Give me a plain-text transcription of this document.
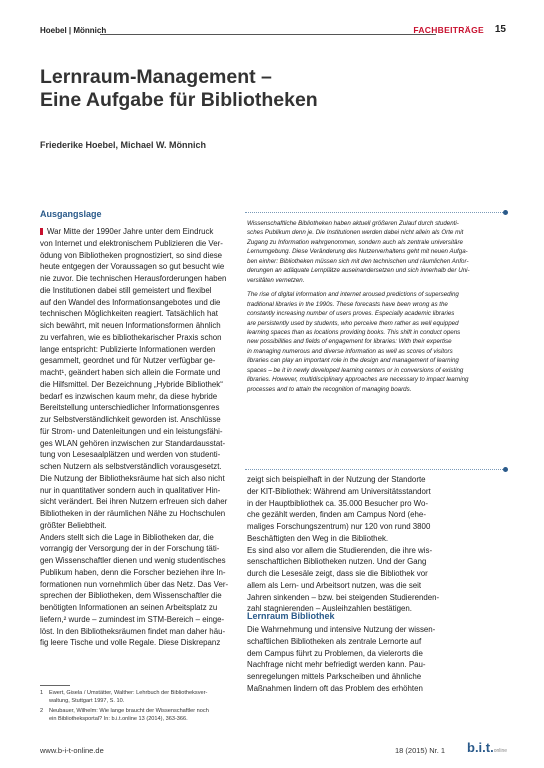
Hoebel | Mönnich	FACHBEITRÄGE	15
Lernraum-Management –
Eine Aufgabe für Bibliotheken
Friederike Hoebel, Michael W. Mönnich
Ausgangslage

War Mitte der 1990er Jahre unter dem Eindruck

von Internet und elektronischem Publizieren die Ver-

ödung von Bibliotheken prognostiziert, so sind diese

heute entgegen der Voraussagen so gut besucht wie

nie zuvor. Die technischen Herausforderungen haben

die Institutionen dabei still gemeistert und flexibel

auf den Wandel des Informationsangebotes und die

technischen Möglichkeiten reagiert. Tatsächlich hat

sich bewährt, mit neuen Informationsformen ähnlich

zu verfahren, wie es bibliothekarischer Praxis schon

lange entspricht: Publizierte Informationen werden

gesammelt, geordnet und für Nutzer verfügbar ge-

macht¹, geändert haben sich allein die Formate und

die Hilfsmittel. Der Bezeichnung „Hybride Bibliothek“

bedarf es inzwischen kaum mehr, da diese hybride

Bereitstellung unterschiedlicher Informationsgenres

zur Selbstverständlichkeit geworden ist. Anschlüsse

für Strom- und Datenleitungen und ein leistungsfähi-

ges WLAN gehören inzwischen zur Standardausstat-

tung von Lesesaalplätzen und werden von studenti-

schen Nutzern als selbstverständlich vorausgesetzt.

Die Nutzung der Bibliotheksräume hat sich also nicht

nur in quantitativer sondern auch in qualitativer Hin-

sicht verändert. Bei ihren Nutzern erfreuen sich daher

Bibliotheken in der räumlichen Nähe zu Hochschulen

größter Beliebtheit.

Anders stellt sich die Lage in Bibliotheken dar, die

vorrangig der Versorgung der in der Forschung täti-

gen Wissenschaftler dienen und wenig studentisches

Publikum haben, denn die Forscher beziehen ihre In-

formationen nun vornehmlich über das Netz. Das Ver-

sprechen der Bibliotheken, dem Wissenschaftler die

benötigten Informationen an seinen Arbeitsplatz zu

liefern,² wurde – zumindest im STM-Bereich – einge-

löst. In den Bibliotheksräumen findet man daher häu-

fig leere Tische und volle Regale. Diese Diskrepanz

Wissenschaftliche Bibliotheken haben aktuell größeren Zulauf durch studenti-

sches Publikum denn je. Die Institutionen werden dabei nicht allein als Orte mit

Zugang zu Information wahrgenommen, sondern auch als zentrale universitäre

Lernumgebung. Diese Veränderung des Nutzerverhaltens geht mit neuen Aufga-

ben einher: Bibliotheken müssen sich mit den technischen und räumlichen Anfor-

derungen an adäquate Lernplätze auseinandersetzen und sich innerhalb der Uni-

versitäten vernetzen.

The rise of digital information and internet aroused predictions of superseding

traditional libraries in the 1990s. These forecasts have been wrong as the

constantly increasing number of users proves. Especially academic libraries

are persistently used by students, who perceive them rather as well equipped

learning spaces than as locations providing books. This shift in conduct opens

new possibilities and fields of engagement for libraries: With their expertise

in managing numerous and diverse information as well as scores of visitors

libraries can play an important role in the design and management of learning

spaces – be it in newly developed learning centers or in conversions of existing

libraries. However, multidisciplinary approaches are necessary to impact learning

processes and to attain the recognition of managing boards.

zeigt sich beispielhaft in der Nutzung der Standorte

der KIT-Bibliothek: Während am Universitätsstandort

in der Hauptbibliothek ca. 35.000 Besucher pro Wo-

che gezählt werden, finden am Campus Nord (ehe-

maliges Forschungszentrum) nur 120 von rund 3800

Beschäftigten den Weg in die Bibliothek.

Es sind also vor allem die Studierenden, die ihre wis-

senschaftlichen Bibliotheken nutzen. Und der Gang

durch die Lesesäle zeigt, dass sie die Bibliothek vor

allem als Lern- und Arbeitsort nutzen, was die seit

Jahren sinkenden – bzw. bei steigenden Studierenden-

zahl stagnierenden – Ausleihzahlen bestätigen.

Lernraum Bibliothek

Die Wahrnehmung und intensive Nutzung der wissen-

schaftlichen Bibliotheken als zentrale Lernorte auf

dem Campus führt zu Problemen, da vielerorts die

Nachfrage nicht mehr befriedigt werden kann. Pau-

senregelungen mittels Parkscheiben und ähnliche

Maßnahmen lindern oft das Problem des erhöhten

1	Ewert, Gisela / Umstätter, Walther: Lehrbuch der Bibliotheksver-
waltung, Stuttgart 1997, S. 10.
2	Neubauer, Wilhelm: Wie lange braucht der Wissenschaftler noch
ein Bibliotheksportal? In: b.i.t.online 13 (2014), 363-366.
www.b-i-t-online.de	18 (2015) Nr. 1 b.i.t.online
